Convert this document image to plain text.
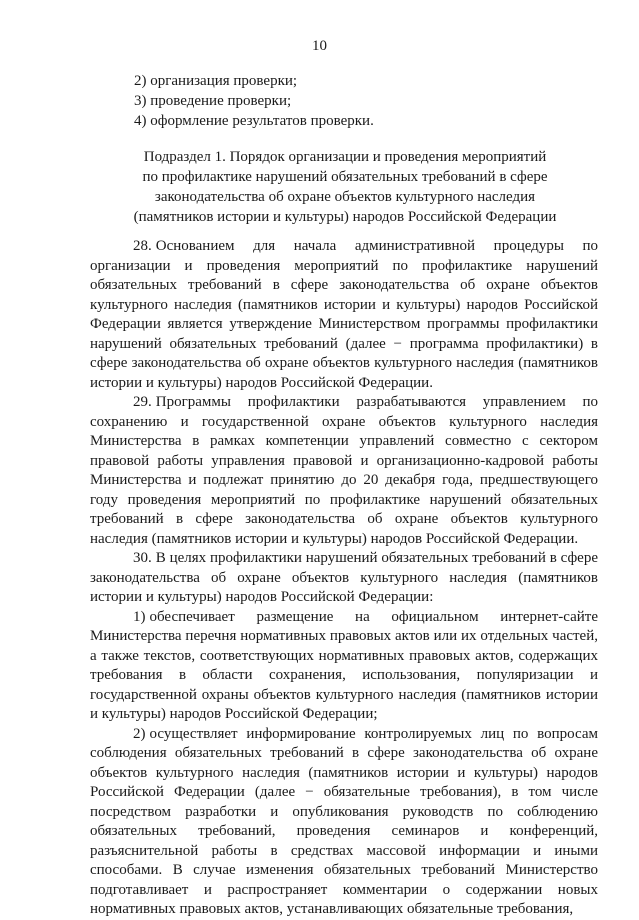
10
2) организация проверки;
3) проведение проверки;
4) оформление результатов проверки.
Подраздел 1. Порядок организации и проведения мероприятий
по профилактике нарушений обязательных требований в сфере
законодательства об охране объектов культурного наследия
(памятников истории и культуры) народов Российской Федерации

28. Основанием для начала административной процедуры по организации и проведения мероприятий по профилактике нарушений обязательных требований в сфере законодательства об охране объектов культурного наследия (памятников истории и культуры) народов Российской Федерации является утверждение Министерством программы профилактики нарушений обязательных требований (далее − программа профилактики) в сфере законодательства об охране объектов культурного наследия (памятников истории и культуры) народов Российской Федерации.

29. Программы профилактики разрабатываются управлением по сохранению и государственной охране объектов культурного наследия Министерства в рамках компетенции управлений совместно с сектором правовой работы управления правовой и организационно-кадровой работы Министерства и подлежат принятию до 20 декабря года, предшествующего году проведения мероприятий по профилактике нарушений обязательных требований в сфере законодательства об охране объектов культурного наследия (памятников истории и культуры) народов Российской Федерации.

30. В целях профилактики нарушений обязательных требований в сфере законодательства об охране объектов культурного наследия (памятников истории и культуры) народов Российской Федерации:

1) обеспечивает размещение на официальном интернет-сайте Министерства перечня нормативных правовых актов или их отдельных частей, а также текстов, соответствующих нормативных правовых актов, содержащих требования в области сохранения, использования, популяризации и государственной охраны объектов культурного наследия (памятников истории и культуры) народов Российской Федерации;

2) осуществляет информирование контролируемых лиц по вопросам соблюдения обязательных требований в сфере законодательства об охране объектов культурного наследия (памятников истории и культуры) народов Российской Федерации (далее − обязательные требования), в том числе посредством разработки и опубликования руководств по соблюдению обязательных требований, проведения семинаров и конференций, разъяснительной работы в средствах массовой информации и иными способами. В случае изменения обязательных требований Министерство подготавливает и распространяет комментарии о содержании новых нормативных правовых актов, устанавливающих обязательные требования,
